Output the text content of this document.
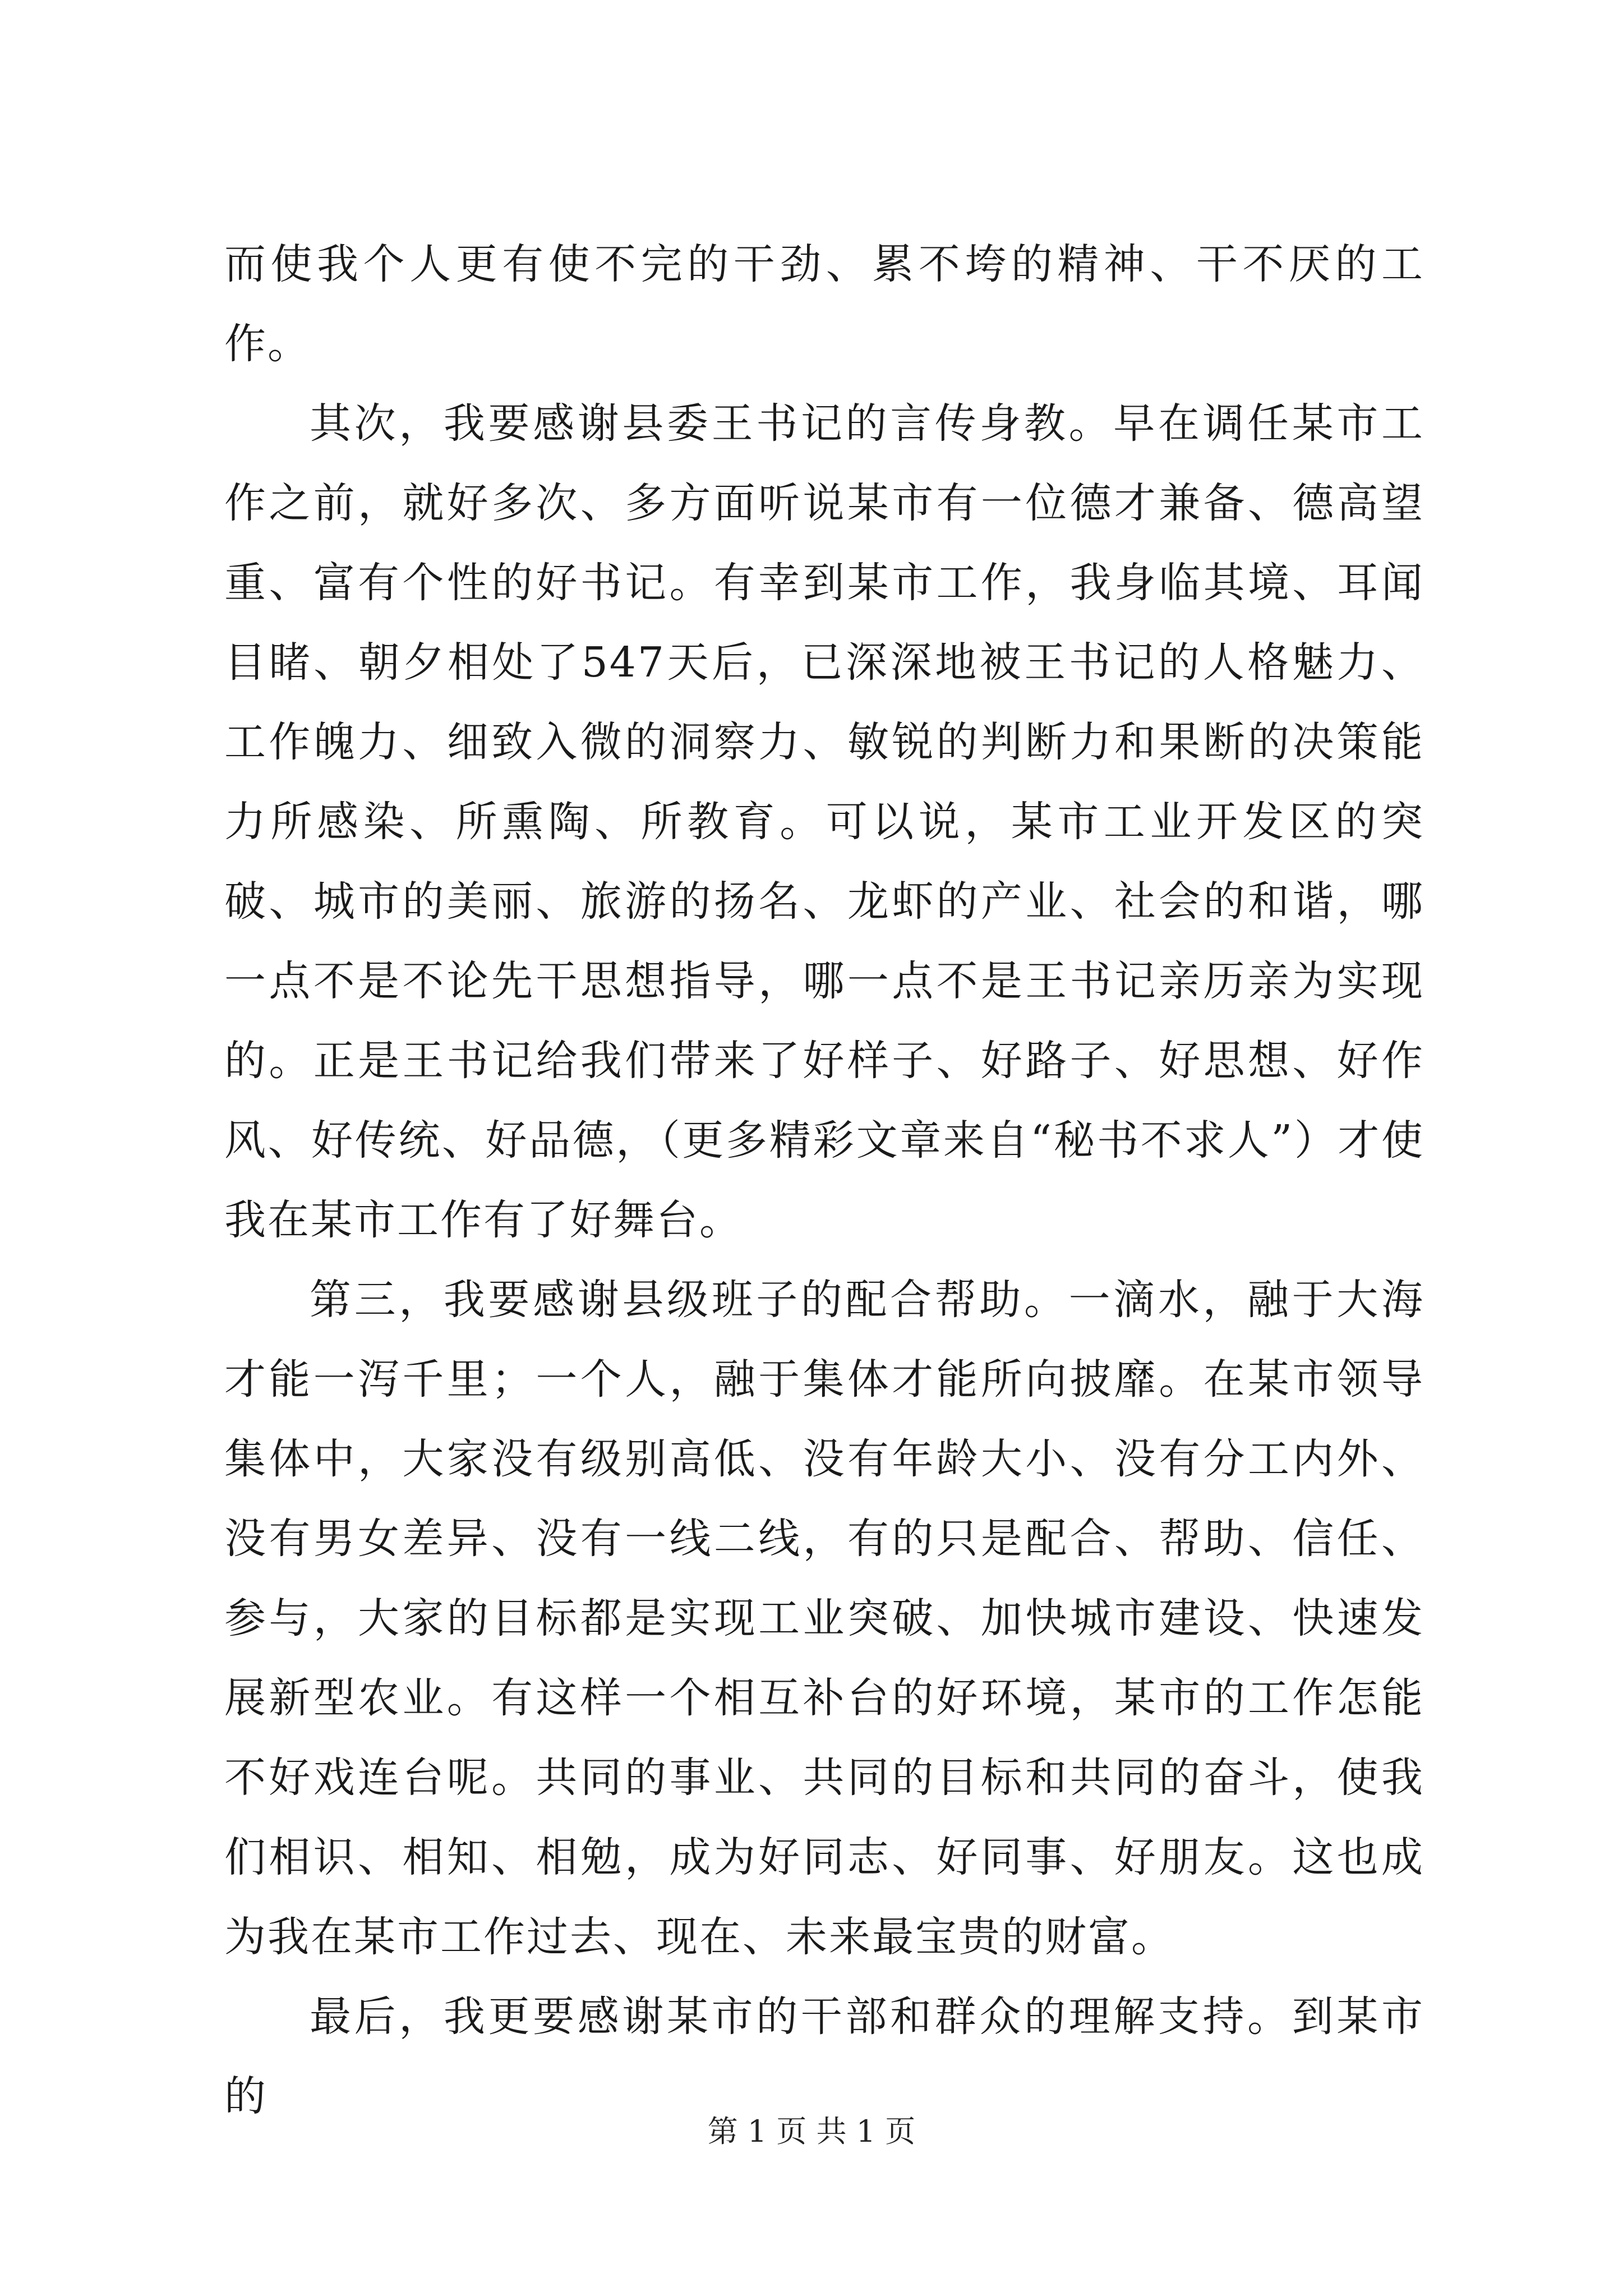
而使我个人更有使不完的干劲、累不垮的精神、干不厌的工作。

其次，我要感谢县委王书记的言传身教。早在调任某市工作之前，就好多次、多方面听说某市有一位德才兼备、德高望重、富有个性的好书记。有幸到某市工作，我身临其境、耳闻目睹、朝夕相处了547天后，已深深地被王书记的人格魅力、工作魄力、细致入微的洞察力、敏锐的判断力和果断的决策能力所感染、所熏陶、所教育。可以说，某市工业开发区的突破、城市的美丽、旅游的扬名、龙虾的产业、社会的和谐，哪一点不是不论先干思想指导，哪一点不是王书记亲历亲为实现的。正是王书记给我们带来了好样子、好路子、好思想、好作风、好传统、好品德，（更多精彩文章来自“秘书不求人”）才使我在某市工作有了好舞台。

第三，我要感谢县级班子的配合帮助。一滴水，融于大海才能一泻千里；一个人，融于集体才能所向披靡。在某市领导集体中，大家没有级别高低、没有年龄大小、没有分工内外、没有男女差异、没有一线二线，有的只是配合、帮助、信任、参与，大家的目标都是实现工业突破、加快城市建设、快速发展新型农业。有这样一个相互补台的好环境，某市的工作怎能不好戏连台呢。共同的事业、共同的目标和共同的奋斗，使我们相识、相知、相勉，成为好同志、好同事、好朋友。这也成为我在某市工作过去、现在、未来最宝贵的财富。

最后，我更要感谢某市的干部和群众的理解支持。到某市的

第 1 页 共 1 页
